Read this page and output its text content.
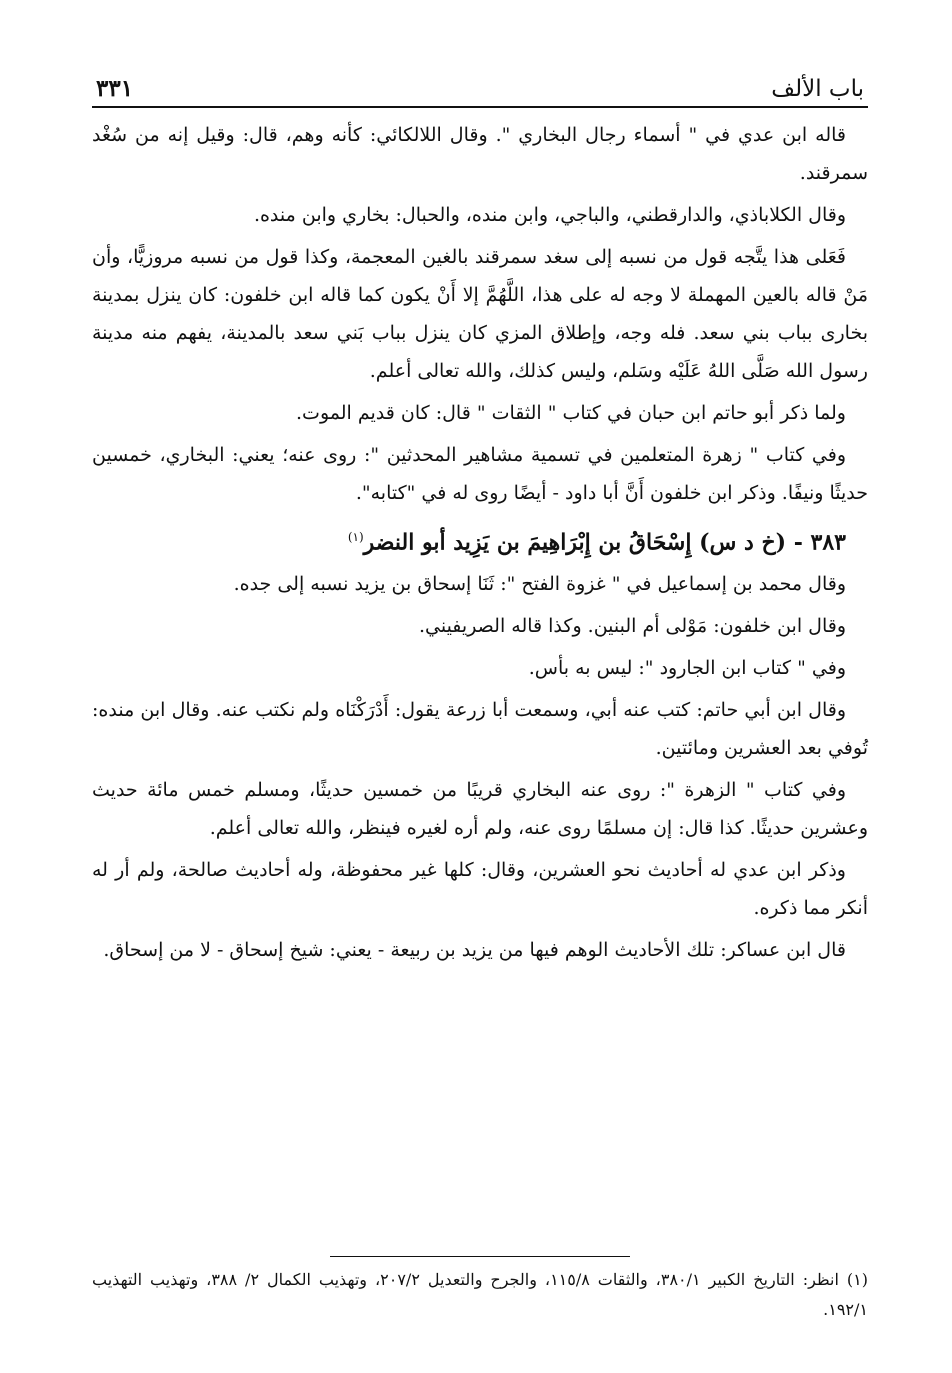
باب الألف
٣٣١

قاله ابن عدي في " أسماء رجال البخاري ". وقال اللالكائي: كأنه وهم، قال: وقيل إنه من سُغْد سمرقند.

وقال الكلاباذي، والدارقطني، والباجي، وابن منده، والحبال: بخاري وابن منده.

فَعَلى هذا يتَّجه قول من نسبه إلى سغد سمرقند بالغين المعجمة، وكذا قول من نسبه مروزيًّا، وأن مَنْ قاله بالعين المهملة لا وجه له على هذا، اللَّهُمَّ إلا أَنْ يكون كما قاله ابن خلفون: كان ينزل بمدينة بخارى بباب بني سعد. فله وجه، وإطلاق المزي كان ينزل بباب بَني سعد بالمدينة، يفهم منه مدينة رسول الله صَلَّى اللهُ عَلَيْه وسَلم، وليس كذلك، والله تعالى أعلم.

ولما ذكر أبو حاتم ابن حبان في كتاب " الثقات " قال: كان قديم الموت.

وفي كتاب " زهرة المتعلمين في تسمية مشاهير المحدثين ": روى عنه؛ يعني: البخاري، خمسين حديثًا ونيفًا. وذكر ابن خلفون أَنَّ أبا داود - أيضًا روى له في "كتابه".

٣٨٣ - (خ د س) إِسْحَاقُ بن إِبْرَاهِيمَ بن يَزِيد أبو النضر$^{(١)}$

وقال محمد بن إسماعيل في " غزوة الفتح ": ثَنَا إسحاق بن يزيد نسبه إلى جده.

وقال ابن خلفون: مَوْلى أم البنين. وكذا قاله الصريفيني.

وفي " كتاب ابن الجارود ": ليس به بأس.

وقال ابن أبي حاتم: كتب عنه أبي، وسمعت أبا زرعة يقول: أَدْرَكْنَاه ولم نكتب عنه. وقال ابن منده: تُوفي بعد العشرين ومائتين.

وفي كتاب " الزهرة ": روى عنه البخاري قريبًا من خمسين حديثًا، ومسلم خمس مائة حديث وعشرين حديثًا. كذا قال: إن مسلمًا روى عنه، ولم أره لغيره فينظر، والله تعالى أعلم.

وذكر ابن عدي له أحاديث نحو العشرين، وقال: كلها غير محفوظة، وله أحاديث صالحة، ولم أر له أنكر مما ذكره.

قال ابن عساكر: تلك الأحاديث الوهم فيها من يزيد بن ربيعة - يعني: شيخ إسحاق - لا من إسحاق.

(١) انظر: التاريخ الكبير ٣٨٠/١، والثقات ١١٥/٨، والجرح والتعديل ٢٠٧/٢، وتهذيب الكمال ٢/ ٣٨٨، وتهذيب التهذيب ١٩٢/١.
